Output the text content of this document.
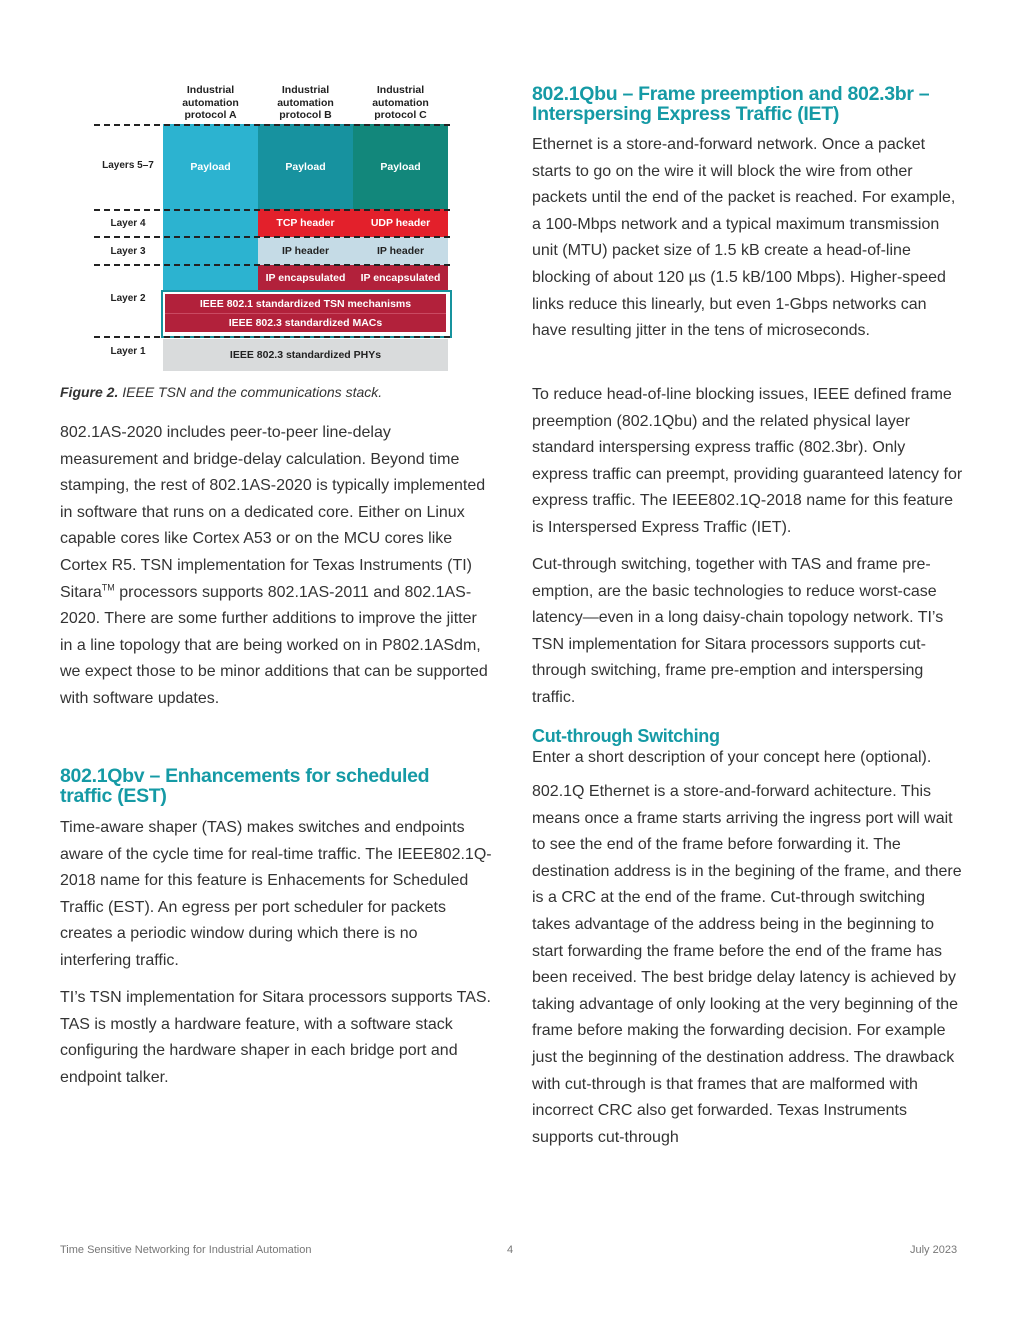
Industrial
automation
protocol A
Industrial
automation
protocol B
Industrial
automation
protocol C
Payload	Payload	Payload
TCP header	UDP header
IP header	IP header
IP encapsulated	IP encapsulated
IEEE 802.1 standardized TSN mechanisms
IEEE 802.3 standardized MACs
IEEE 802.3 standardized PHYs
Layers 5–7
Layer 4
Layer 3
Layer 2
Layer 1
Figure 2. IEEE TSN and the communications stack.

802.1AS-2020 includes peer-to-peer line-delay measurement and bridge-delay calculation. Beyond time stamping, the rest of 802.1AS-2020 is typically implemented in software that runs on a dedicated core. Either on Linux capable cores like Cortex A53 or on the MCU cores like Cortex R5. TSN implementation for Texas Instruments (TI) Sitara™ processors supports 802.1AS-2011 and 802.1AS-2020. There are some further additions to improve the jitter in a line topology that are being worked on in P802.1ASdm, we expect those to be minor additions that can be supported with software updates.

802.1Qbv – Enhancements for scheduled traffic (EST)

Time-aware shaper (TAS) makes switches and endpoints aware of the cycle time for real-time traffic. The IEEE802.1Q-2018 name for this feature is Enhacements for Scheduled Traffic (EST). An egress per port scheduler for packets creates a periodic window during which there is no interfering traffic.

TI’s TSN implementation for Sitara processors supports TAS. TAS is mostly a hardware feature, with a software stack configuring the hardware shaper in each bridge port and endpoint talker.

802.1Qbu – Frame preemption and 802.3br – Interspersing Express Traffic (IET)

Ethernet is a store-and-forward network. Once a packet starts to go on the wire it will block the wire from other packets until the end of the packet is reached. For example, a 100-Mbps network and a typical maximum transmission unit (MTU) packet size of 1.5 kB create a head-of-line blocking of about 120 µs (1.5 kB/100 Mbps). Higher-speed links reduce this linearly, but even 1-Gbps networks can have resulting jitter in the tens of microseconds.

To reduce head-of-line blocking issues, IEEE defined frame preemption (802.1Qbu) and the related physical layer standard interspersing express traffic (802.3br). Only express traffic can preempt, providing guaranteed latency for express traffic. The IEEE802.1Q-2018 name for this feature is Interspersed Express Traffic (IET).

Cut-through switching, together with TAS and frame pre-emption, are the basic technologies to reduce worst-case latency—even in a long daisy-chain topology network. TI’s TSN implementation for Sitara processors supports cut-through switching, frame pre-emption and interspersing traffic.

Cut-through Switching

Enter a short description of your concept here (optional).

802.1Q Ethernet is a store-and-forward achitecture. This means once a frame starts arriving the ingress port will wait to see the end of the frame before forwarding it. The destination address is in the begining of the frame, and there is a CRC at the end of the frame. Cut-through switching takes advantage of the address being in the beginning to start forwarding the frame before the end of the frame has been received. The best bridge delay latency is achieved by taking advantage of only looking at the very beginning of the frame before making the forwarding decision. For example just the beginning of the destination address. The drawback with cut-through is that frames that are malformed with incorrect CRC also get forwarded. Texas Instruments supports cut-through

Time Sensitive Networking for Industrial Automation	4	July 2023
